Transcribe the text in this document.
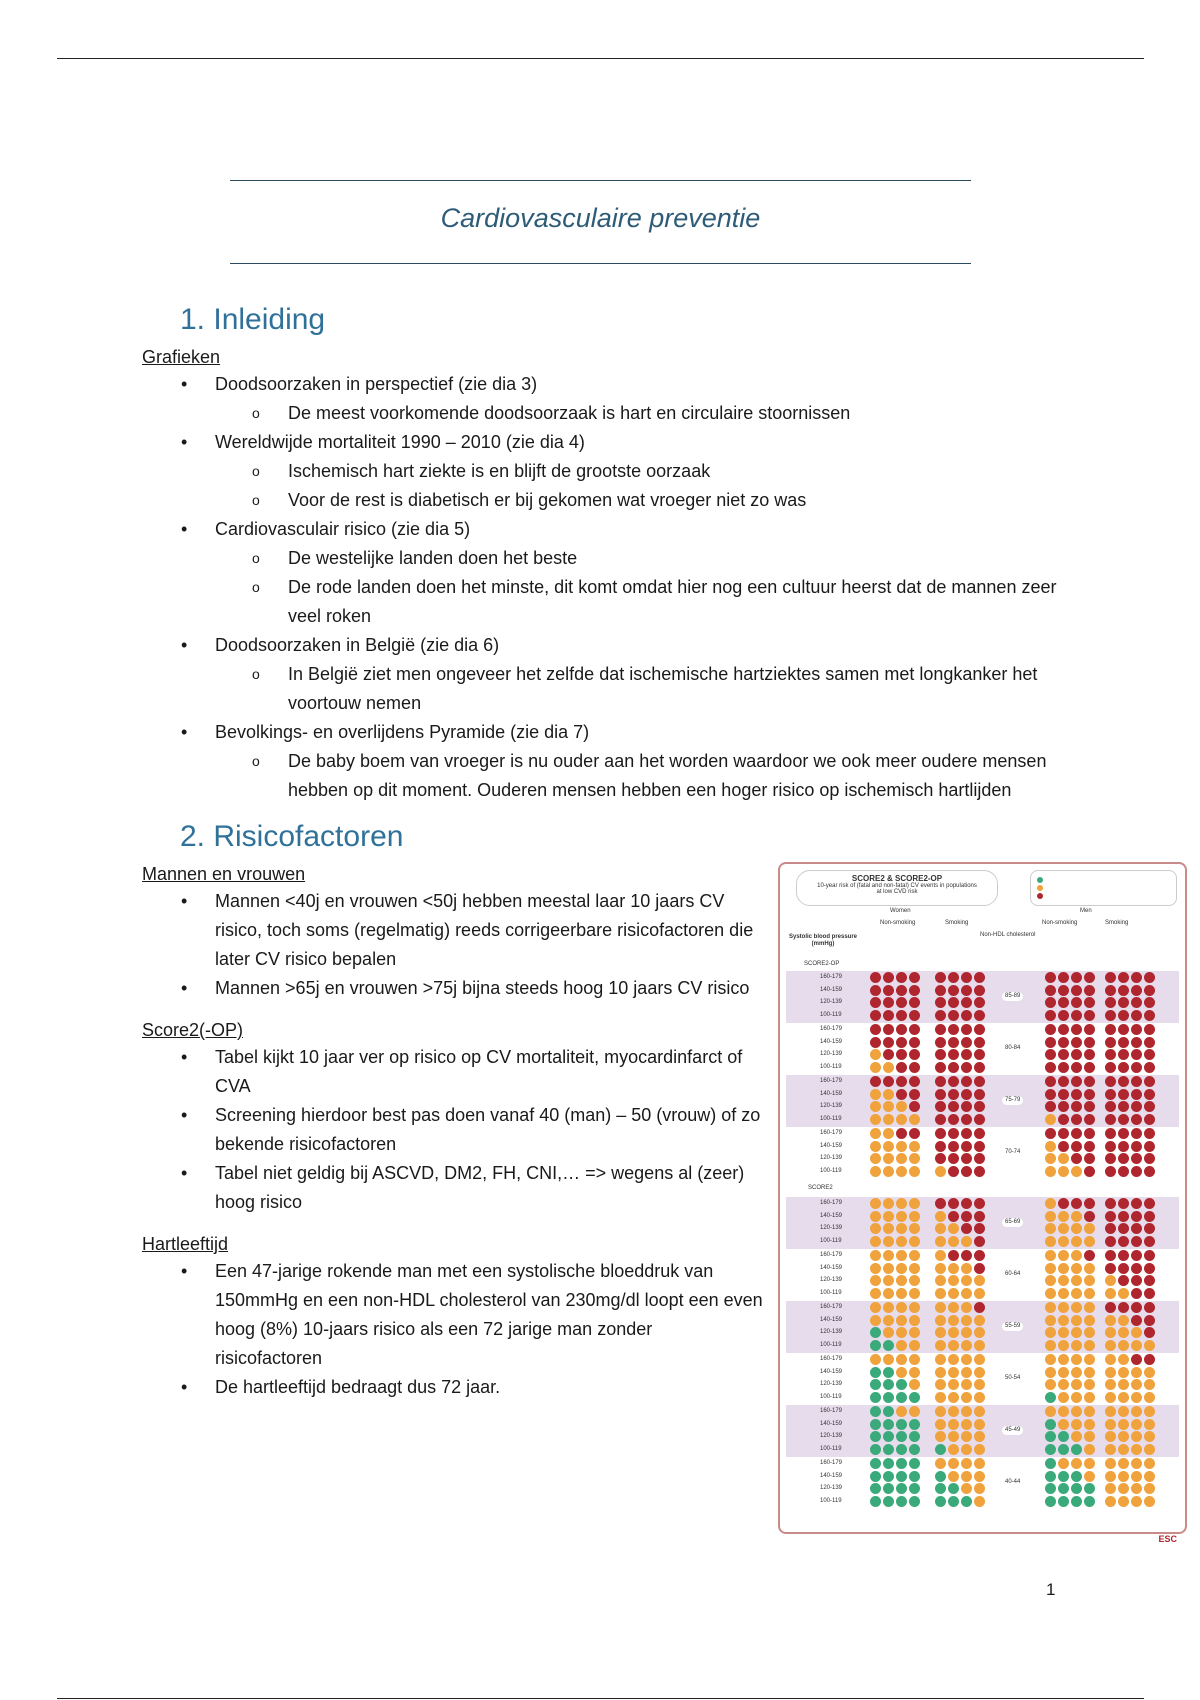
Cardiovasculaire preventie
1. Inleiding
Grafieken
• Doodsoorzaken in perspectief (zie dia 3)
o De meest voorkomende doodsoorzaak is hart en circulaire stoornissen
• Wereldwijde mortaliteit 1990 – 2010 (zie dia 4)
o Ischemisch hart ziekte is en blijft de grootste oorzaak
o Voor de rest is diabetisch er bij gekomen wat vroeger niet zo was
• Cardiovasculair risico (zie dia 5)
o De westelijke landen doen het beste
o De rode landen doen het minste, dit komt omdat hier nog een cultuur heerst dat de mannen zeer veel roken
• Doodsoorzaken in België (zie dia 6)
o In België ziet men ongeveer het zelfde dat ischemische hartziektes samen met longkanker het voortouw nemen
• Bevolkings- en overlijdens Pyramide (zie dia 7)
o De baby boem van vroeger is nu ouder aan het worden waardoor we ook meer oudere mensen hebben op dit moment. Ouderen mensen hebben een hoger risico op ischemisch hartlijden
2. Risicofactoren
Mannen en vrouwen
• Mannen <40j en vrouwen <50j hebben meestal laar 10 jaars CV risico, toch soms (regelmatig) reeds corrigeerbare risicofactoren die later CV risico bepalen
• Mannen >65j en vrouwen >75j bijna steeds hoog 10 jaars CV risico
Score2(-OP)
• Tabel kijkt 10 jaar ver op risico op CV mortaliteit, myocardinfarct of CVA
• Screening hierdoor best pas doen vanaf 40 (man) – 50 (vrouw) of zo bekende risicofactoren
• Tabel niet geldig bij ASCVD, DM2, FH, CNI,… => wegens al (zeer) hoog risico
Hartleeftijd
• Een 47-jarige rokende man met een systolische bloeddruk van 150mmHg en een non-HDL cholesterol van 230mg/dl loopt een even hoog (8%) 10-jaars risico als een 72 jarige man zonder risicofactoren
• De hartleeftijd bedraagt dus 72 jaar.
160-179
140-159
120-139
100-119
85-89
160-179
140-159
120-139
100-119
80-84
160-179
140-159
120-139
100-119
75-79
160-179
140-159
120-139
100-119
70-74
160-179
140-159
120-139
100-119
65-69
160-179
140-159
120-139
100-119
60-64
160-179
140-159
120-139
100-119
55-59
160-179
140-159
120-139
100-119
50-54
160-179
140-159
120-139
100-119
45-49
160-179
140-159
120-139
100-119
40-44
SCORE2 & SCORE2-OP
10-year risk of (fatal and non-fatal) CV events in populations at low CVD risk
Women	Men
Non-smoking	Smoking	Non-smoking	Smoking
Non-HDL cholesterol
Systolic blood pressure (mmHg)
SCORE2-OP
SCORE2
ESC
1
